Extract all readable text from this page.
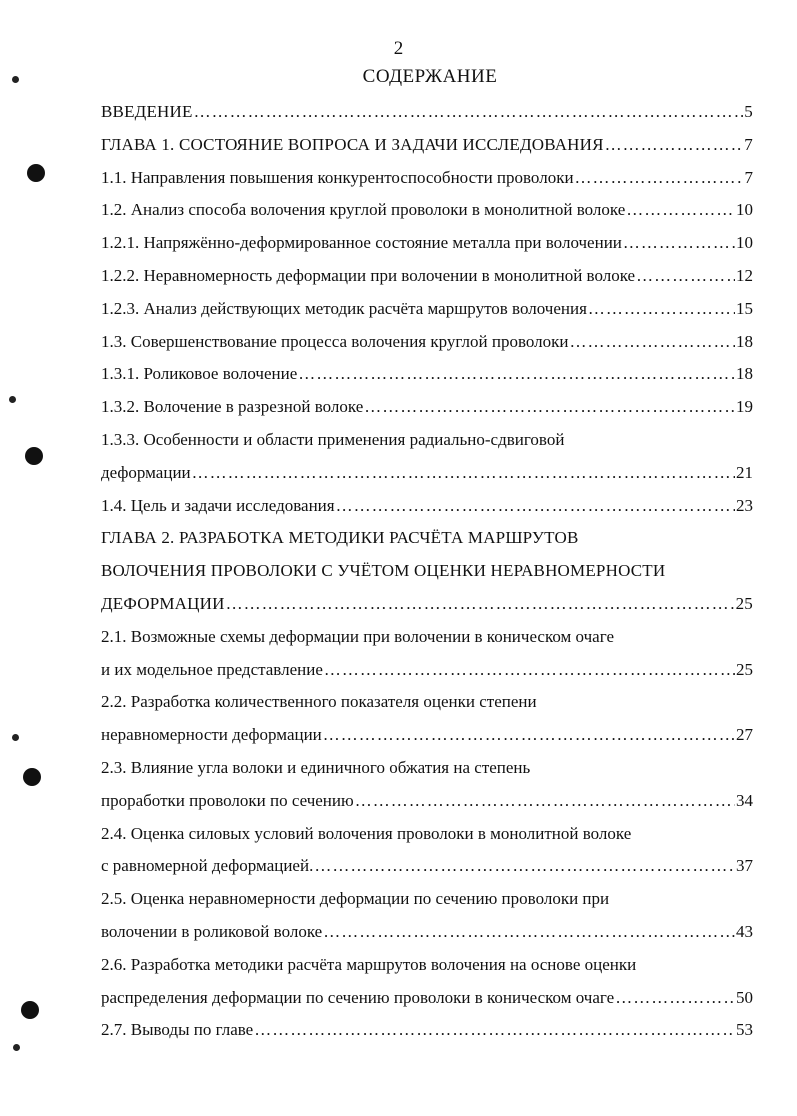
2
СОДЕРЖАНИЕ
ВВЕДЕНИЕ …………………………………………………………………………………………………………………………………………………………	5
ГЛАВА 1. СОСТОЯНИЕ ВОПРОСА И ЗАДАЧИ ИССЛЕДОВАНИЯ …………………………………………………………………………………………………………………………………………………………	7
1.1. Направления повышения конкурентоспособности проволоки …………………………………………………………………………………………………………………………………………………………	7
1.2. Анализ способа волочения круглой проволоки в монолитной волоке …………………………………………………………………………………………………………………………………………………………	10
1.2.1. Напряжённо-деформированное состояние металла при волочении …………………………………………………………………………………………………………………………………………………………	10
1.2.2. Неравномерность деформации при волочении в монолитной волоке …………………………………………………………………………………………………………………………………………………………	12
1.2.3. Анализ действующих методик расчёта маршрутов волочения …………………………………………………………………………………………………………………………………………………………	15
1.3. Совершенствование процесса волочения круглой проволоки …………………………………………………………………………………………………………………………………………………………	18
1.3.1. Роликовое волочение …………………………………………………………………………………………………………………………………………………………	18
1.3.2. Волочение в разрезной волоке …………………………………………………………………………………………………………………………………………………………	19
1.3.3. Особенности и области применения радиально-сдвиговой
деформации …………………………………………………………………………………………………………………………………………………………	21
1.4. Цель и задачи исследования …………………………………………………………………………………………………………………………………………………………	23
ГЛАВА 2. РАЗРАБОТКА МЕТОДИКИ РАСЧЁТА МАРШРУТОВ
ВОЛОЧЕНИЯ ПРОВОЛОКИ С УЧЁТОМ ОЦЕНКИ НЕРАВНОМЕРНОСТИ
ДЕФОРМАЦИИ …………………………………………………………………………………………………………………………………………………………	25
2.1. Возможные схемы деформации при волочении в коническом очаге
и их модельное представление …………………………………………………………………………………………………………………………………………………………	25
2.2. Разработка количественного показателя оценки степени
неравномерности деформации …………………………………………………………………………………………………………………………………………………………	27
2.3. Влияние угла волоки и единичного обжатия на степень
проработки проволоки по сечению …………………………………………………………………………………………………………………………………………………………	34
2.4. Оценка силовых условий волочения проволоки в монолитной волоке
с равномерной деформацией. …………………………………………………………………………………………………………………………………………………………	37
2.5. Оценка неравномерности деформации по сечению проволоки при
волочении в роликовой волоке …………………………………………………………………………………………………………………………………………………………	43
2.6. Разработка методики расчёта маршрутов волочения на основе оценки
распределения деформации по сечению проволоки в коническом очаге …………………………………………………………………………………………………………………………………………………………	50
2.7. Выводы по главе …………………………………………………………………………………………………………………………………………………………	53
